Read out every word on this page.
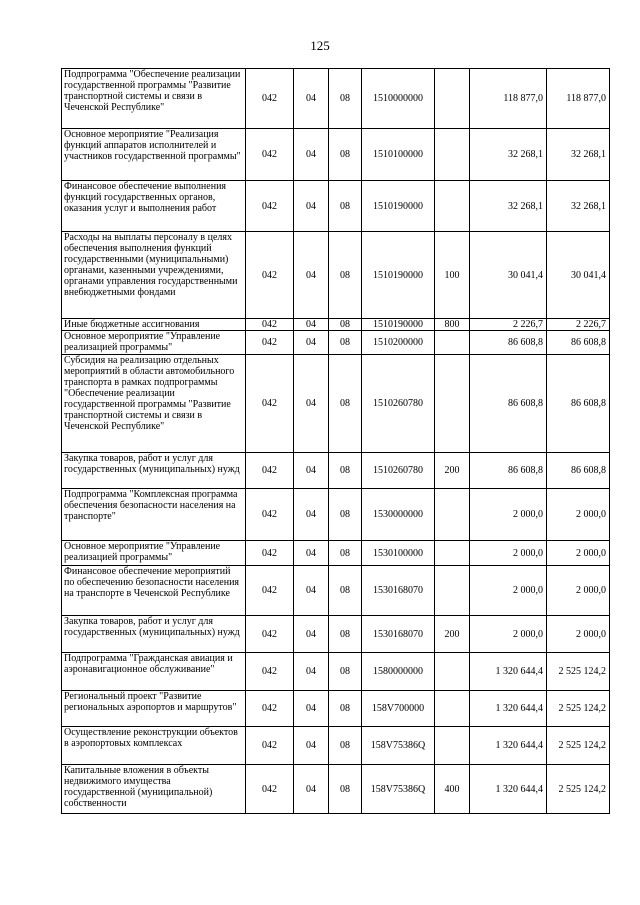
125
Подпрограмма "Обеспечение реализации государственной программы "Развитие транспортной системы и связи в Чеченской Республике"	042	04	08	1510000000		118 877,0	118 877,0
Основное мероприятие "Реализация функций аппаратов исполнителей и участников государственной программы"	042	04	08	1510100000		32 268,1	32 268,1
Финансовое обеспечение выполнения функций государственных органов, оказания услуг и выполнения работ	042	04	08	1510190000		32 268,1	32 268,1
Расходы на выплаты персоналу в целях обеспечения выполнения функций государственными (муниципальными) органами, казенными учреждениями, органами управления государственными внебюджетными фондами	042	04	08	1510190000	100	30 041,4	30 041,4
Иные бюджетные ассигнования	042	04	08	1510190000	800	2 226,7	2 226,7
Основное мероприятие "Управление реализацией программы"	042	04	08	1510200000		86 608,8	86 608,8
Субсидия на реализацию отдельных мероприятий в области автомобильного транспорта в рамках подпрограммы "Обеспечение реализации государственной программы "Развитие транспортной системы и связи в Чеченской Республике"	042	04	08	1510260780		86 608,8	86 608,8
Закупка товаров, работ и услуг для государственных (муниципальных) нужд	042	04	08	1510260780	200	86 608,8	86 608,8
Подпрограмма "Комплексная программа обеспечения безопасности населения на транспорте"	042	04	08	1530000000		2 000,0	2 000,0
Основное мероприятие "Управление реализацией программы"	042	04	08	1530100000		2 000,0	2 000,0
Финансовое обеспечение мероприятий по обеспечению безопасности населения на транспорте в Чеченской Республике	042	04	08	1530168070		2 000,0	2 000,0
Закупка товаров, работ и услуг для государственных (муниципальных) нужд	042	04	08	1530168070	200	2 000,0	2 000,0
Подпрограмма "Гражданская авиация и аэронавигационное обслуживание"	042	04	08	1580000000		1 320 644,4	2 525 124,2
Региональный проект "Развитие региональных аэропортов и маршрутов"	042	04	08	158V700000		1 320 644,4	2 525 124,2
Осуществление реконструкции объектов в аэропортовых комплексах	042	04	08	158V75386Q		1 320 644,4	2 525 124,2
Капитальные вложения в объекты недвижимого имущества государственной (муниципальной) собственности	042	04	08	158V75386Q	400	1 320 644,4	2 525 124,2
